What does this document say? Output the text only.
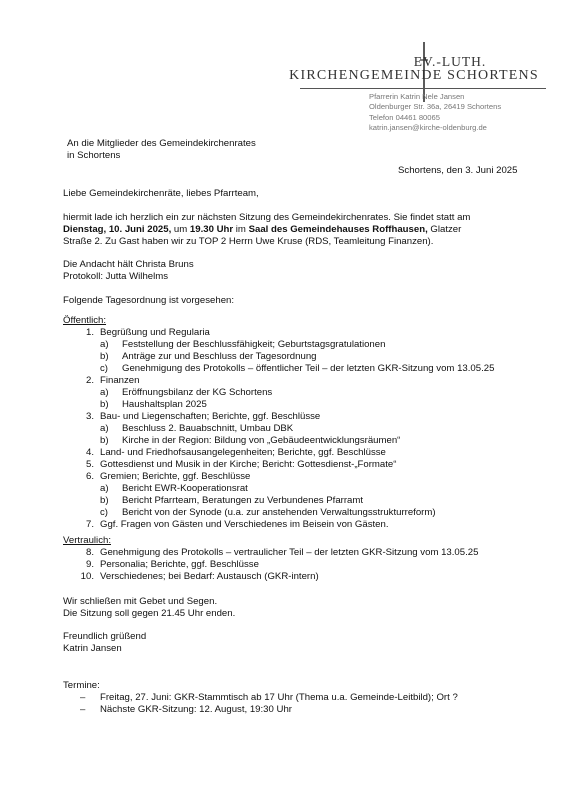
EV.-LUTH.
KIRCHENGEMEINDE SCHORTENS
Pfarrerin Katrin Nele Jansen
Oldenburger Str. 36a, 26419 Schortens
Telefon 04461 80065
katrin.jansen@kirche-oldenburg.de
An die Mitglieder des Gemeindekirchenrates
in Schortens
Schortens, den 3. Juni 2025
Liebe Gemeindekirchenräte, liebes Pfarrteam,
hiermit lade ich herzlich ein zur nächsten Sitzung des Gemeindekirchenrates. Sie findet statt am
Dienstag, 10. Juni 2025, um 19.30 Uhr im Saal des Gemeindehauses Roffhausen, Glatzer
Straße 2. Zu Gast haben wir zu TOP 2 Herrn Uwe Kruse (RDS, Teamleitung Finanzen).
Die Andacht hält Christa Bruns
Protokoll: Jutta Wilhelms
Folgende Tagesordnung ist vorgesehen:
Öffentlich:
1. Begrüßung und Regularia
a) Feststellung der Beschlussfähigkeit; Geburtstagsgratulationen
b) Anträge zur und Beschluss der Tagesordnung
c) Genehmigung des Protokolls – öffentlicher Teil – der letzten GKR-Sitzung vom 13.05.25
2. Finanzen
a) Eröffnungsbilanz der KG Schortens
b) Haushaltsplan 2025
3. Bau- und Liegenschaften; Berichte, ggf. Beschlüsse
a) Beschluss 2. Bauabschnitt, Umbau DBK
b) Kirche in der Region: Bildung von „Gebäudeentwicklungsräumen“
4. Land- und Friedhofsausangelegenheiten; Berichte, ggf. Beschlüsse
5. Gottesdienst und Musik in der Kirche; Bericht: Gottesdienst-„Formate“
6. Gremien; Berichte, ggf. Beschlüsse
a) Bericht EWR-Kooperationsrat
b) Bericht Pfarrteam, Beratungen zu Verbundenes Pfarramt
c) Bericht von der Synode (u.a. zur anstehenden Verwaltungsstrukturreform)
7. Ggf. Fragen von Gästen und Verschiedenes im Beisein von Gästen.
Vertraulich:
8. Genehmigung des Protokolls – vertraulicher Teil – der letzten GKR-Sitzung vom 13.05.25
9. Personalia; Berichte, ggf. Beschlüsse
10. Verschiedenes; bei Bedarf: Austausch (GKR-intern)
Wir schließen mit Gebet und Segen.
Die Sitzung soll gegen 21.45 Uhr enden.
Freundlich grüßend
Katrin Jansen
Termine:
– Freitag, 27. Juni: GKR-Stammtisch ab 17 Uhr (Thema u.a. Gemeinde-Leitbild); Ort ?
– Nächste GKR-Sitzung: 12. August, 19:30 Uhr
